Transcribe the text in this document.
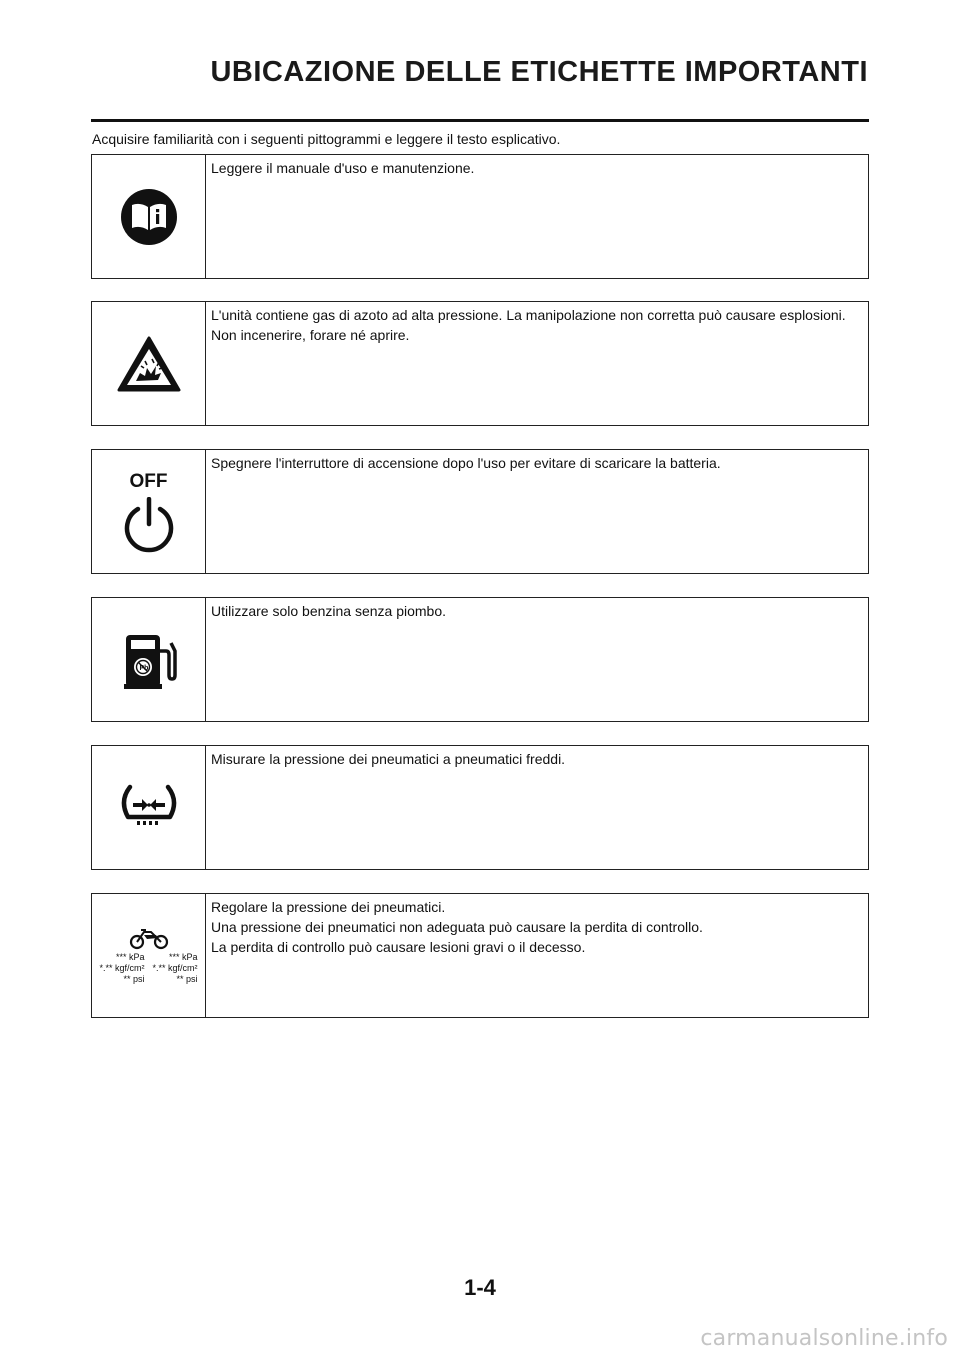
UBICAZIONE DELLE ETICHETTE IMPORTANTI
Acquisire familiarità con i seguenti pittogrammi e leggere il testo esplicativo.
Leggere il manuale d'uso e manutenzione.
L'unità contiene gas di azoto ad alta pressione. La manipolazione non corretta può causare esplosioni.
Non incenerire, forare né aprire.
OFF
Spegnere l'interruttore di accensione dopo l'uso per evitare di scaricare la batteria.
Pb
Utilizzare solo benzina senza piombo.
Misurare la pressione dei pneumatici a pneumatici freddi.
*** kPa
*.** kgf/cm²
** psi
*** kPa
*.** kgf/cm²
** psi
Regolare la pressione dei pneumatici.
Una pressione dei pneumatici non adeguata può causare la perdita di controllo.
La perdita di controllo può causare lesioni gravi o il decesso.
1-4
carmanualsonline.info
